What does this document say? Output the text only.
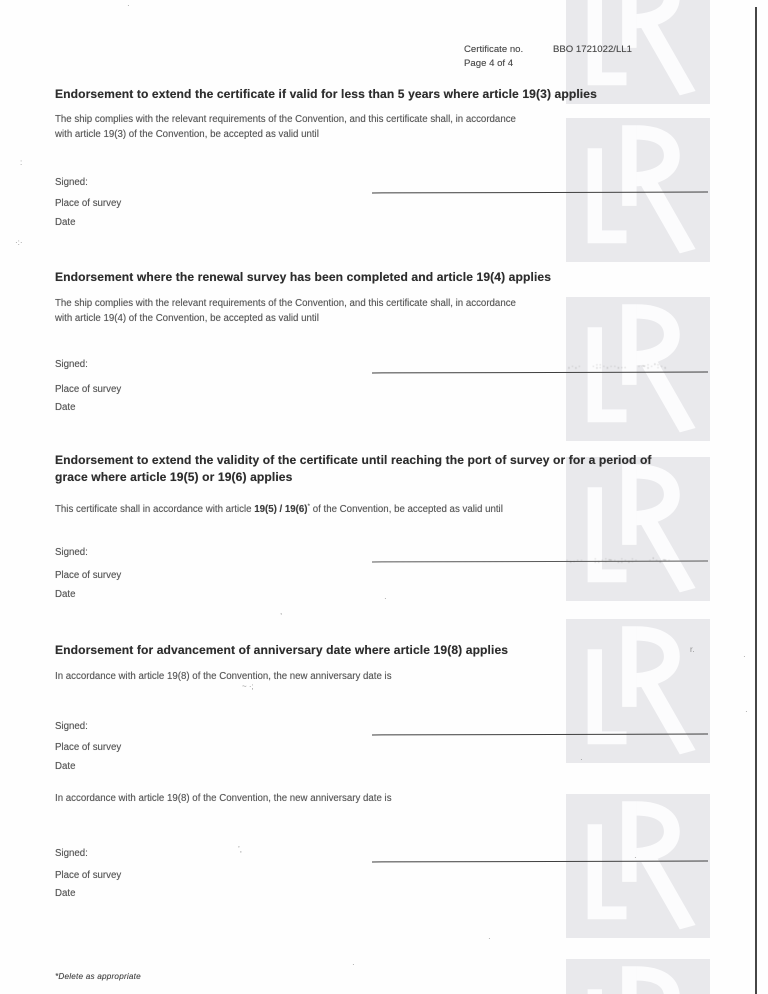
·
:
·:·
,
·
r.
·
~ ·;
·
·
’,
·
·
·
Certificate no.	BBO 1721022/LL1
Page 4 of 4
Endorsement to extend the certificate if valid for less than 5 years where article 19(3) applies
The ship complies with the relevant requirements of the Convention, and this certificate shall, in accordance
with article 19(3) of the Convention, be accepted as valid until
Signed:
Place of survey
Date
Endorsement where the renewal survey has been completed and article 19(4) applies
The ship complies with the relevant requirements of the Convention, and this certificate shall, in accordance
with article 19(4) of the Convention, be accepted as valid until
Signed:	,·‚·   ·;:·,··,..   ·~;·':·,
Place of survey
Date
Endorsement to extend the validity of the certificate until reaching the port of survey or for a period of
grace where article 19(5) or 19(6) applies
This certificate shall in accordance with article 19(5) / 19(6)* of the Convention, be accepted as valid until
Signed:
·,.··   ;,·:~·,;·,:·   ·'·,~·
Place of survey
Date
Endorsement for advancement of anniversary date where article 19(8) applies
In accordance with article 19(8) of the Convention, the new anniversary date is
Signed:
Place of survey
Date
In accordance with article 19(8) of the Convention, the new anniversary date is
Signed:
Place of survey
Date
*Delete as appropriate
